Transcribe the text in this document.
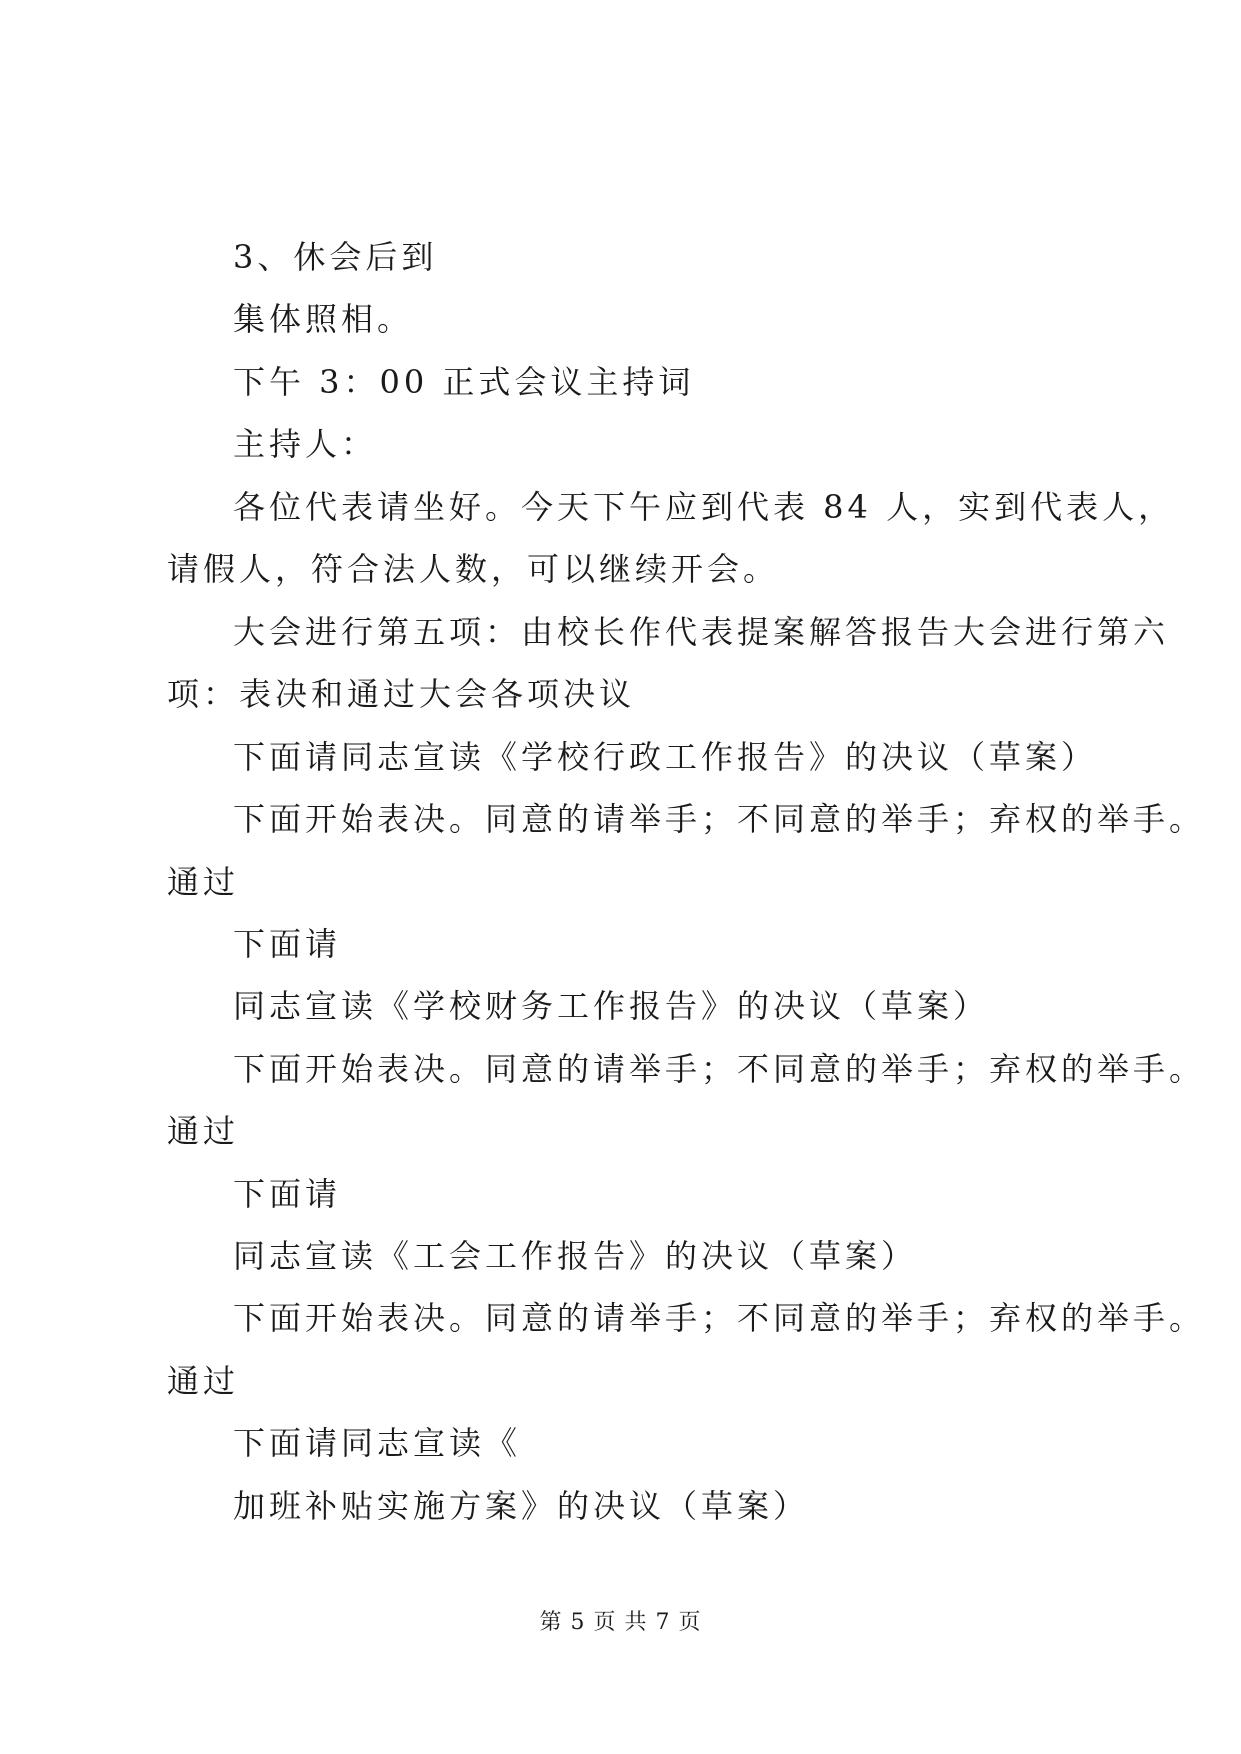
3、休会后到

集体照相。

下午 3：00 正式会议主持词

主持人：

各位代表请坐好。今天下午应到代表 84 人，实到代表人，

请假人，符合法人数，可以继续开会。

大会进行第五项：由校长作代表提案解答报告大会进行第六

项：表决和通过大会各项决议

下面请同志宣读《学校行政工作报告》的决议（草案）

下面开始表决。同意的请举手；不同意的举手；弃权的举手。

通过

下面请

同志宣读《学校财务工作报告》的决议（草案）

下面开始表决。同意的请举手；不同意的举手；弃权的举手。

通过

下面请

同志宣读《工会工作报告》的决议（草案）

下面开始表决。同意的请举手；不同意的举手；弃权的举手。

通过

下面请同志宣读《

加班补贴实施方案》的决议（草案）

第 5 页 共 7 页
